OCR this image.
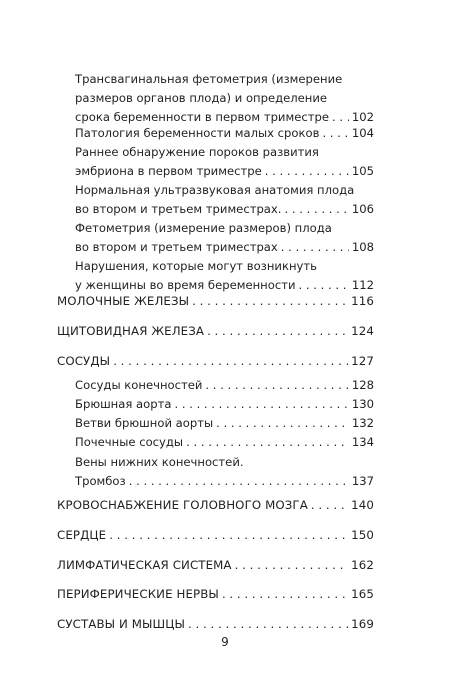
Трансвагинальная фетометрия (измерение
размеров органов плода) и определение
срока беременности в первом триместре . . . 102
Патология беременности малых сроков . . .	104
Раннее обнаружение пороков развития
эмбриона в первом триместре . . .	105
Нормальная ультразвуковая анатомия плода
во втором и третьем триместрах. . . .	106
Фетометрия (измерение размеров) плода
во втором и третьем триместрах . . .	108
Нарушения, которые могут возникнуть
у женщины во время беременности . . .	112
МОЛОЧНЫЕ ЖЕЛЕЗЫ . . .	116
ЩИТОВИДНАЯ ЖЕЛЕЗА . . .	124
СОСУДЫ . . .	127
Сосуды конечностей . . .	128
Брюшная аорта . . .	130
Ветви брюшной аорты . . .	132
Почечные сосуды . . .	134
Вены нижних конечностей.
Тромбоз . . .	137
КРОВОСНАБЖЕНИЕ ГОЛОВНОГО МОЗГА . . .	140
СЕРДЦЕ . . .	150
ЛИМФАТИЧЕСКАЯ СИСТЕМА . . .	162
ПЕРИФЕРИЧЕСКИЕ НЕРВЫ . . .	165
СУСТАВЫ И МЫШЦЫ . . .	169
9
